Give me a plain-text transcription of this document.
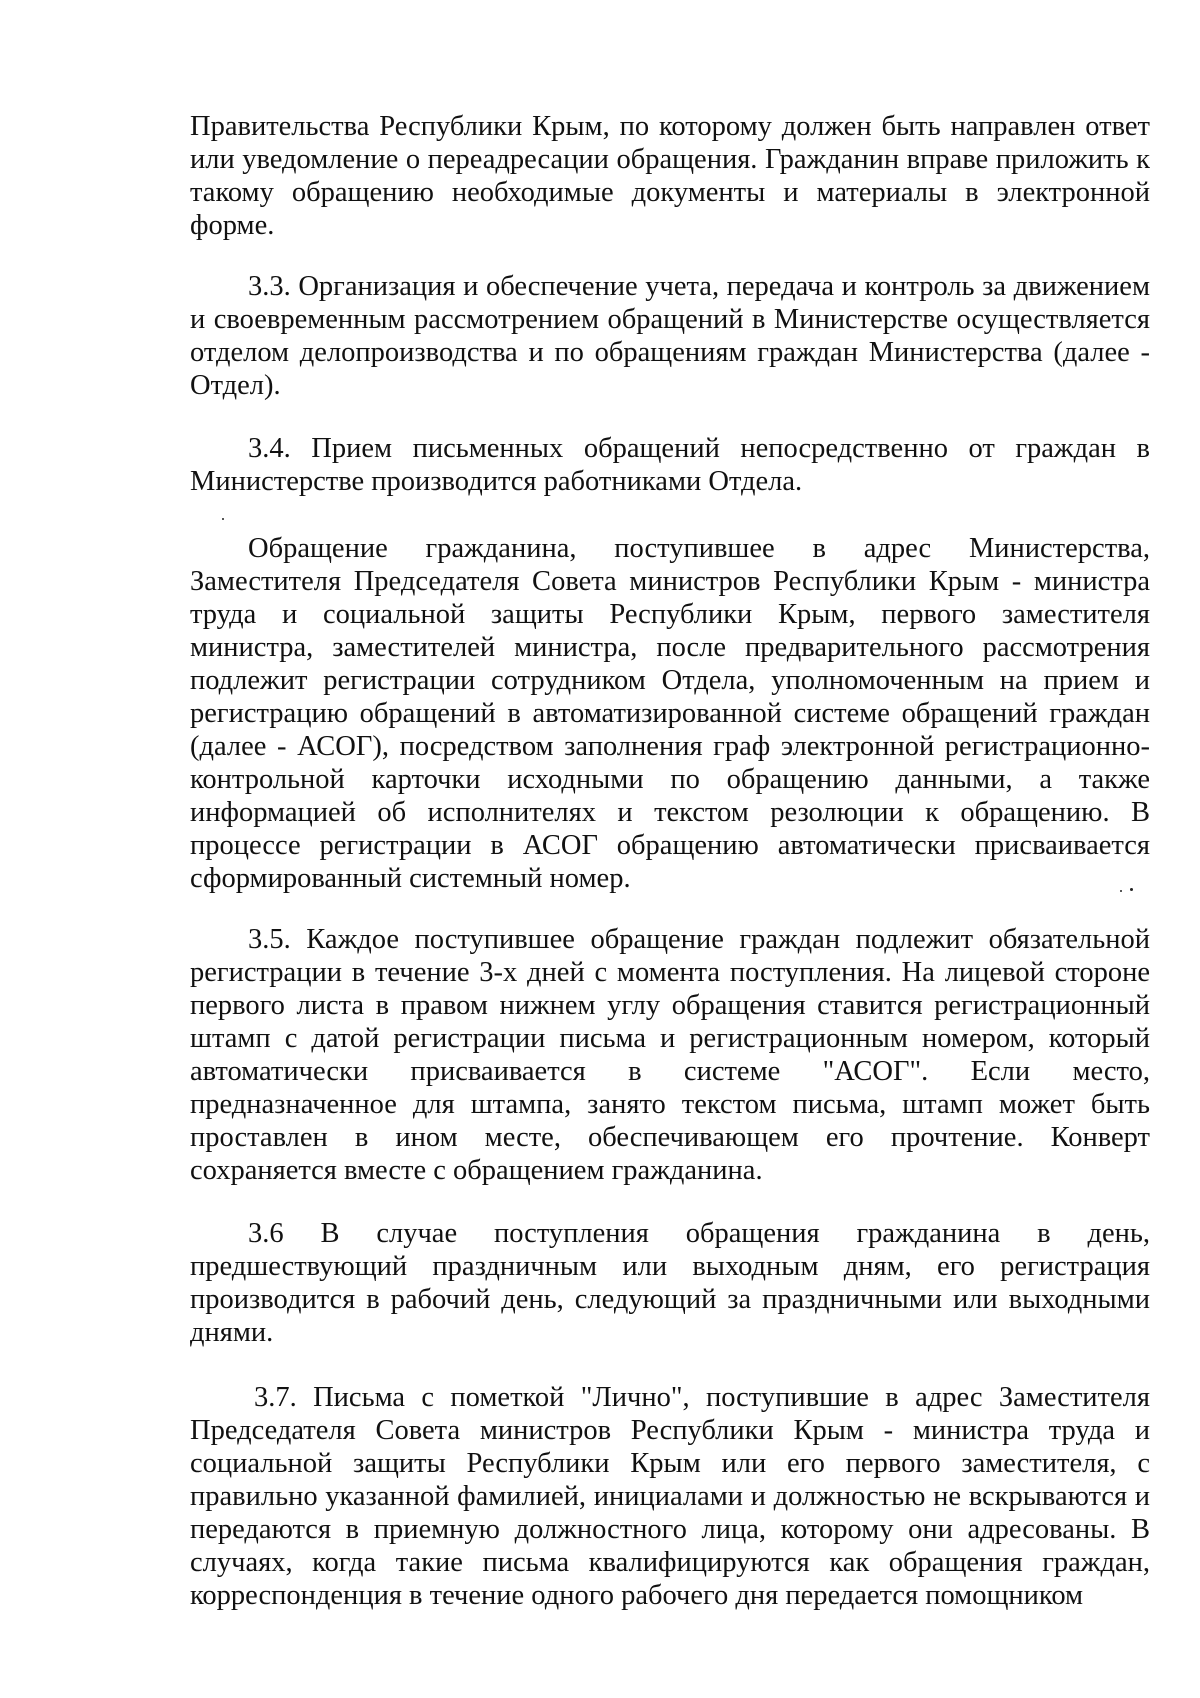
Правительства Республики Крым, по которому должен быть направлен ответ или уведомление о переадресации обращения. Гражданин вправе приложить к такому обращению необходимые документы и материалы в электронной форме.

3.3. Организация и обеспечение учета, передача и контроль за движением и своевременным рассмотрением обращений в Министерстве осуществляется отделом делопроизводства и по обращениям граждан Министерства (далее - Отдел).

3.4. Прием письменных обращений непосредственно от граждан в Министерстве производится работниками Отдела.

Обращение гражданина, поступившее в адрес Министерства, Заместителя Председателя Совета министров Республики Крым - министра труда и социальной защиты Республики Крым, первого заместителя министра, заместителей министра, после предварительного рассмотрения подлежит регистрации сотрудником Отдела, уполномоченным на прием и регистрацию обращений в автоматизированной системе обращений граждан (далее - АСОГ), посредством заполнения граф электронной регистрационно-контрольной карточки исходными по обращению данными, а также информацией об исполнителях и текстом резолюции к обращению. В процессе регистрации в АСОГ обращению автоматически присваивается сформированный системный номер.

3.5. Каждое поступившее обращение граждан подлежит обязательной регистрации в течение 3-х дней с момента поступления. На лицевой стороне первого листа в правом нижнем углу обращения ставится регистрационный штамп с датой регистрации письма и регистрационным номером, который автоматически присваивается в системе "АСОГ". Если место, предназначенное для штампа, занято текстом письма, штамп может быть проставлен в ином месте, обеспечивающем его прочтение. Конверт сохраняется вместе с обращением гражданина.

3.6 В случае поступления обращения гражданина в день, предшествующий праздничным или выходным дням, его регистрация производится в рабочий день, следующий за праздничными или выходными днями.

3.7. Письма с пометкой "Лично", поступившие в адрес Заместителя Председателя Совета министров Республики Крым - министра труда и социальной защиты Республики Крым или его первого заместителя, с правильно указанной фамилией, инициалами и должностью не вскрываются и передаются в приемную должностного лица, которому они адресованы. В случаях, когда такие письма квалифицируются как обращения граждан, корреспонденция в течение одного рабочего дня передается помощником
